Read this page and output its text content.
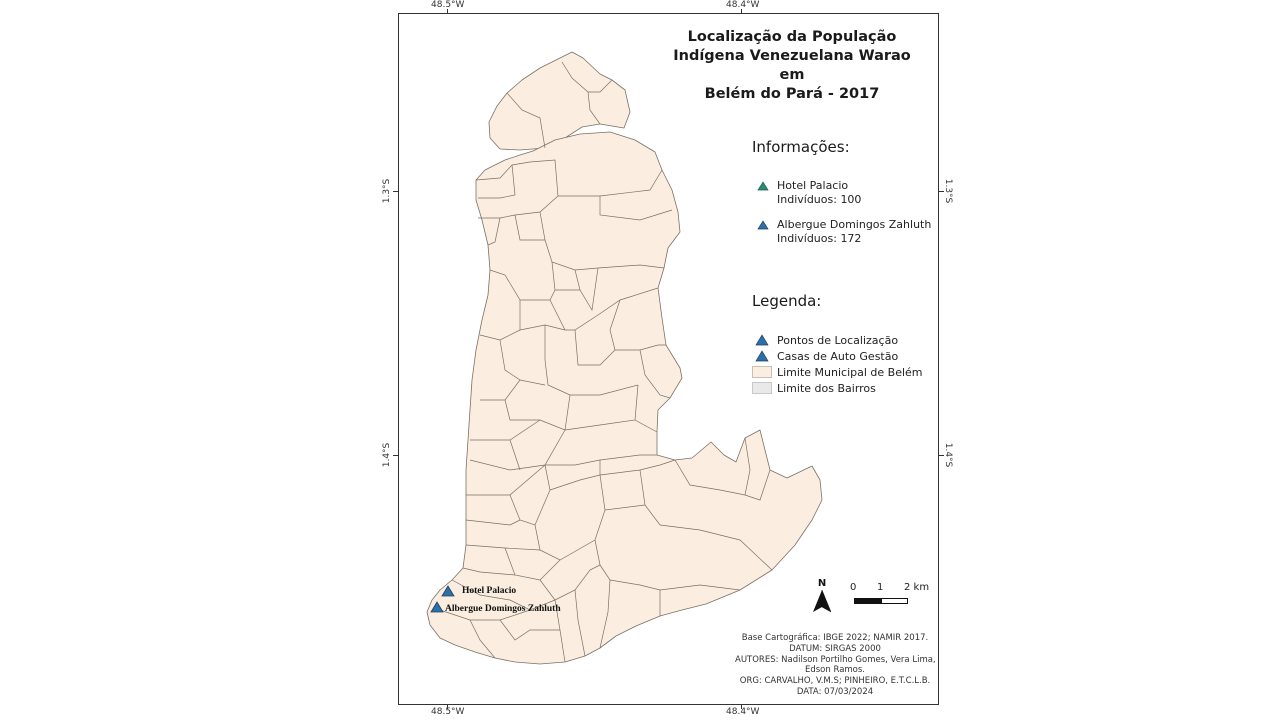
48.5°W	48.4°W
48.5°W	48.4°W
1.3°S
1.4°S
1.3°S
1.4°S
Hotel Palacio
Albergue Domingos Zahluth
Localização da População
Indígena Venezuelana Warao em
Belém do Pará - 2017
Informações:
Hotel Palacio
Indivíduos: 100
Albergue Domingos Zahluth
Indivíduos: 172
Legenda:
Pontos de Localização
Casas de Auto Gestão
Limite Municipal de Belém
Limite dos Bairros
N	0 1 2 km
Base Cartográfica: IBGE 2022; NAMIR 2017.
DATUM: SIRGAS 2000
AUTORES: Nadilson Portilho Gomes, Vera Lima,
Edson Ramos.
ORG: CARVALHO, V.M.S; PINHEIRO, E.T.C.L.B.
DATA: 07/03/2024
